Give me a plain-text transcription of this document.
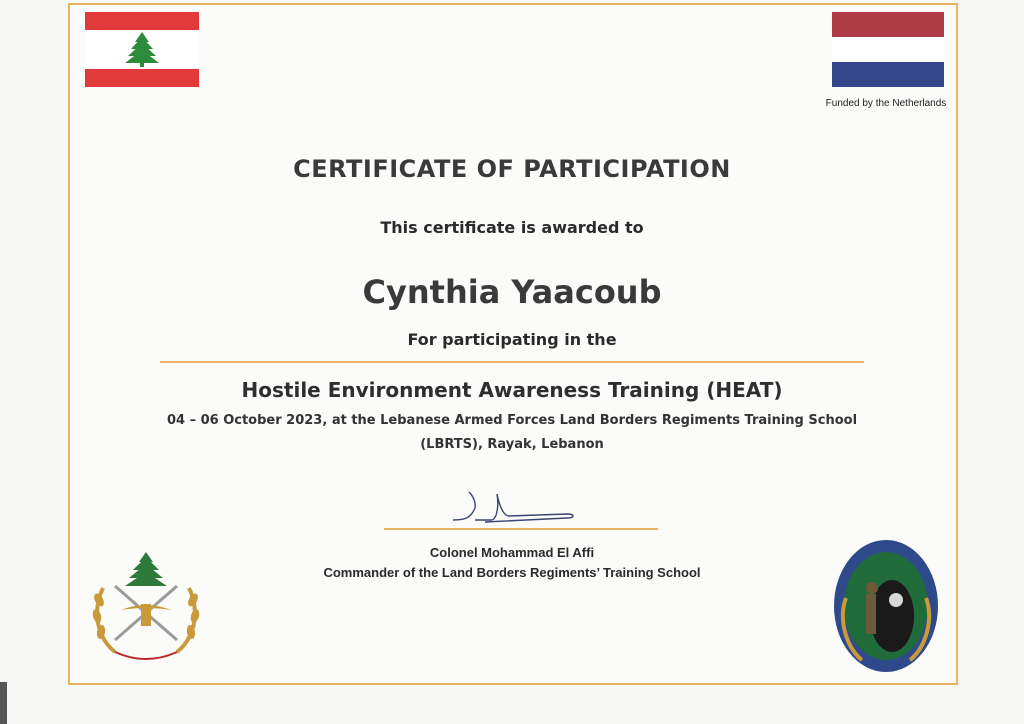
Funded by the Netherlands
CERTIFICATE OF PARTICIPATION
This certificate is awarded to
Cynthia Yaacoub
For participating in the
Hostile Environment Awareness Training (HEAT)
04 – 06 October 2023, at the Lebanese Armed Forces Land Borders Regiments Training School
(LBRTS), Rayak, Lebanon
Colonel Mohammad El Affi
Commander of the Land Borders Regiments’ Training School
